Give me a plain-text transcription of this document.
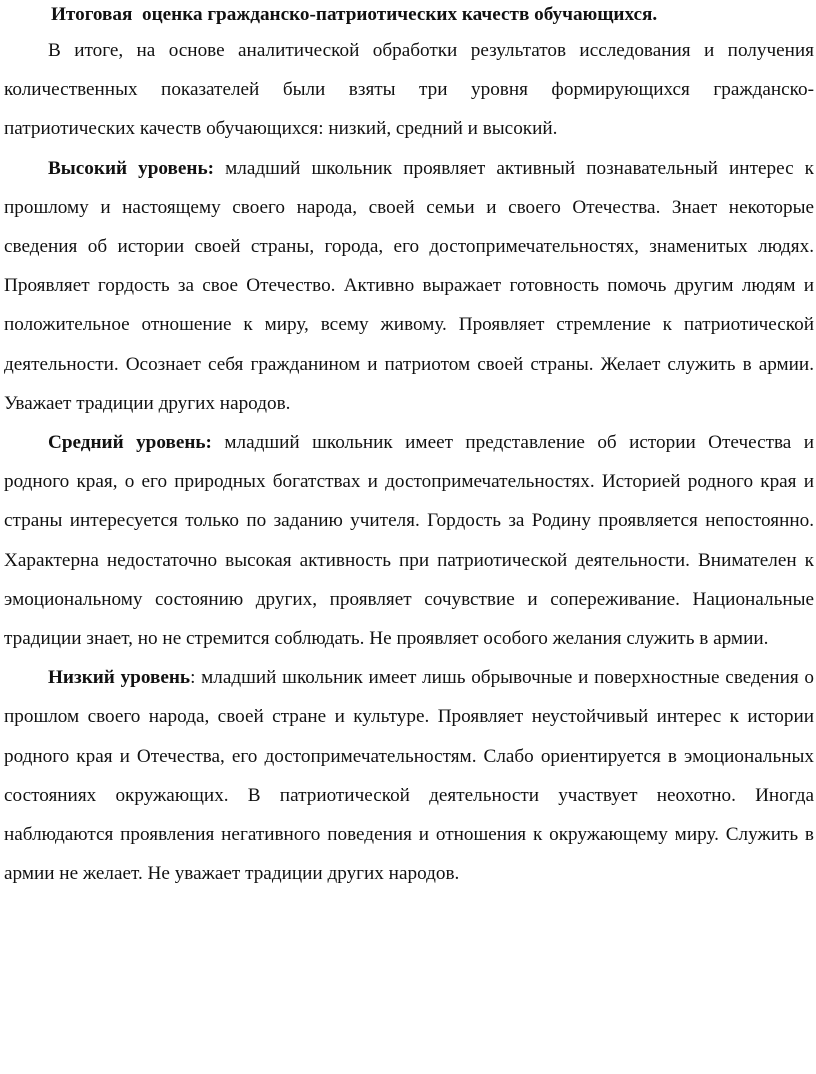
Итоговая  оценка гражданско-патриотических качеств обучающихся.

В итоге, на основе аналитической обработки результатов исследования и получения количественных показателей были взяты три уровня формирующихся гражданско-патриотических качеств обучающихся: низкий, средний и высокий.

Высокий уровень: младший школьник проявляет активный познавательный интерес к прошлому и настоящему своего народа, своей семьи и своего Отечества. Знает некоторые сведения об истории своей страны, города, его достопримечательностях, знаменитых людях. Проявляет гордость за свое Отечество. Активно выражает готовность помочь другим людям и положительное отношение к миру, всему живому. Проявляет стремление к патриотической деятельности. Осознает себя гражданином и патриотом своей страны. Желает служить в армии. Уважает традиции других народов.

Средний уровень: младший школьник имеет представление об истории Отечества и родного края, о его природных богатствах и достопримечательностях. Историей родного края и страны интересуется только по заданию учителя. Гордость за Родину проявляется непостоянно. Характерна недостаточно высокая активность при патриотической деятельности. Внимателен к эмоциональному состоянию других, проявляет сочувствие и сопереживание. Национальные традиции знает, но не стремится соблюдать. Не проявляет особого желания служить в армии.

Низкий уровень: младший школьник имеет лишь обрывочные и поверхностные сведения о прошлом своего народа, своей стране и культуре. Проявляет неустойчивый интерес к истории родного края и Отечества, его достопримечательностям. Слабо ориентируется в эмоциональных состояниях окружающих. В патриотической деятельности участвует неохотно. Иногда наблюдаются проявления негативного поведения и отношения к окружающему миру. Служить в армии не желает. Не уважает традиции других народов.
